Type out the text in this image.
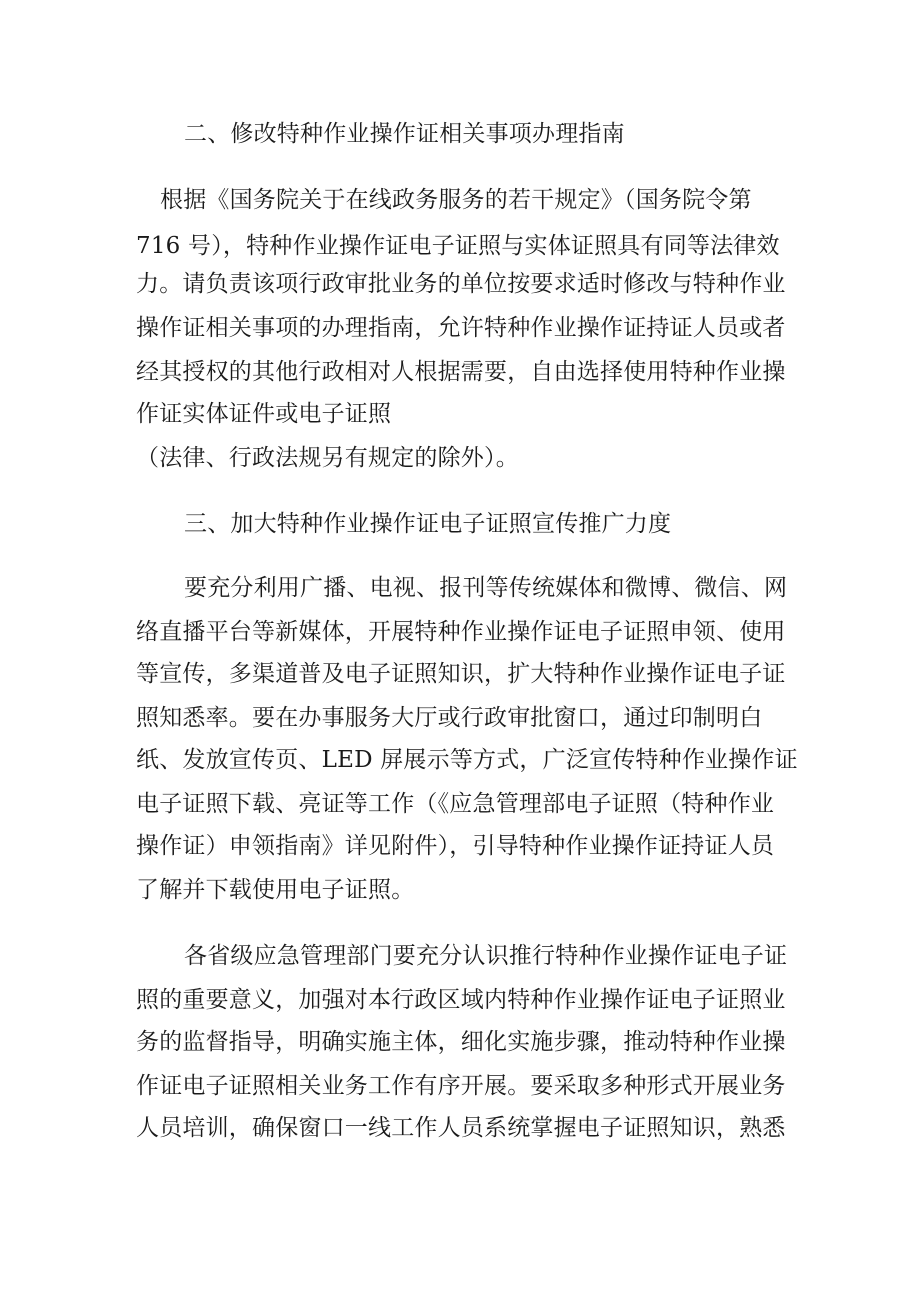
二、修改特种作业操作证相关事项办理指南
根据《国务院关于在线政务服务的若干规定》（国务院令第
716 号），特种作业操作证电子证照与实体证照具有同等法律效
力。请负责该项行政审批业务的单位按要求适时修改与特种作业
操作证相关事项的办理指南，允许特种作业操作证持证人员或者
经其授权的其他行政相对人根据需要，自由选择使用特种作业操
作证实体证件或电子证照
（法律、行政法规另有规定的除外）。
三、加大特种作业操作证电子证照宣传推广力度
要充分利用广播、电视、报刊等传统媒体和微博、微信、网
络直播平台等新媒体，开展特种作业操作证电子证照申领、使用
等宣传，多渠道普及电子证照知识，扩大特种作业操作证电子证
照知悉率。要在办事服务大厅或行政审批窗口，通过印制明白
纸、发放宣传页、LED 屏展示等方式，广泛宣传特种作业操作证
电子证照下载、亮证等工作（《应急管理部电子证照（特种作业
操作证）申领指南》详见附件），引导特种作业操作证持证人员
了解并下载使用电子证照。
各省级应急管理部门要充分认识推行特种作业操作证电子证
照的重要意义，加强对本行政区域内特种作业操作证电子证照业
务的监督指导，明确实施主体，细化实施步骤，推动特种作业操
作证电子证照相关业务工作有序开展。要采取多种形式开展业务
人员培训，确保窗口一线工作人员系统掌握电子证照知识，熟悉
